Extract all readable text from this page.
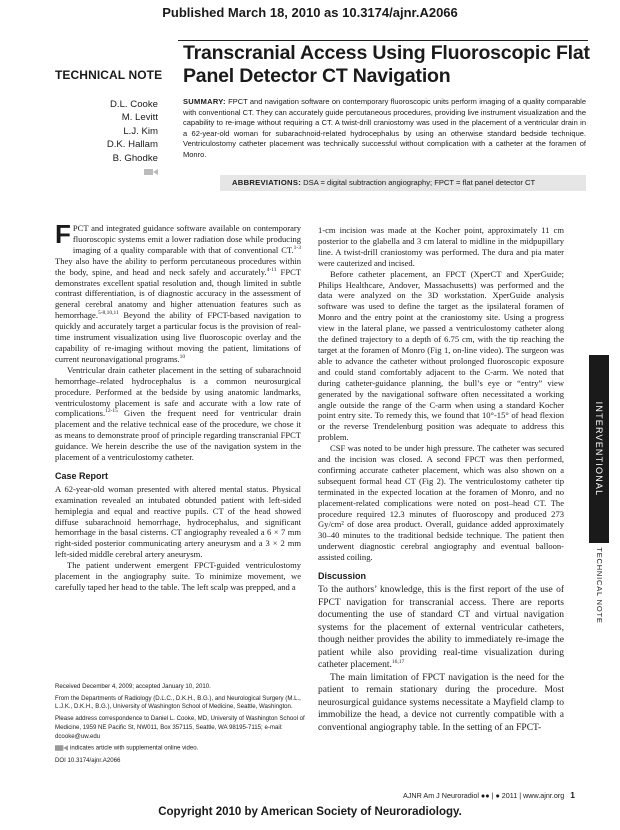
Published March 18, 2010 as 10.3174/ajnr.A2066
TECHNICAL NOTE
Transcranial Access Using Fluoroscopic Flat Panel Detector CT Navigation
D.L. Cooke
M. Levitt
L.J. Kim
D.K. Hallam
B. Ghodke
SUMMARY: FPCT and navigation software on contemporary fluoroscopic units perform imaging of a quality comparable with conventional CT. They can accurately guide percutaneous procedures, providing live instrument visualization and the capability to re-image without requiring a CT. A twist-drill craniostomy was used in the placement of a ventricular drain in a 62-year-old woman for subarachnoid-related hydrocephalus by using an otherwise standard bedside technique. Ventriculostomy catheter placement was technically successful without complication with a catheter at the foramen of Monro.
ABBREVIATIONS: DSA = digital subtraction angiography; FPCT = flat panel detector CT

FPCT and integrated guidance software available on contemporary fluoroscopic systems emit a lower radiation dose while producing imaging of a quality comparable with that of conventional CT.$^{1-3}$ They also have the ability to perform percutaneous procedures within the body, spine, and head and neck safely and accurately.$^{4-11}$ FPCT demonstrates excellent spatial resolution and, though limited in subtle contrast differentiation, is of diagnostic accuracy in the assessment of general cerebral anatomy and higher attenuation features such as hemorrhage.$^{5-8,10,11}$ Beyond the ability of FPCT-based navigation to quickly and accurately target a particular focus is the provision of real-time instrument visualization using live fluoroscopic overlay and the capability of re-imaging without moving the patient, limitations of current neuronavigational programs.$^{10}$

Ventricular drain catheter placement in the setting of subarachnoid hemorrhage–related hydrocephalus is a common neurosurgical procedure. Performed at the bedside by using anatomic landmarks, ventriculostomy placement is safe and accurate with a low rate of complications.$^{12-15}$ Given the frequent need for ventricular drain placement and the relative technical ease of the procedure, we chose it as means to demonstrate proof of principle regarding transcranial FPCT guidance. We herein describe the use of the navigation system in the placement of a ventriculostomy catheter.

Case Report

A 62-year-old woman presented with altered mental status. Physical examination revealed an intubated obtunded patient with left-sided hemiplegia and equal and reactive pupils. CT of the head showed diffuse subarachnoid hemorrhage, hydrocephalus, and significant hemorrhage in the basal cisterns. CT angiography revealed a 6 × 7 mm right-sided posterior communicating artery aneurysm and a 3 × 2 mm left-sided middle cerebral artery aneurysm.

The patient underwent emergent FPCT-guided ventriculostomy placement in the angiography suite. To minimize movement, we carefully taped her head to the table. The left scalp was prepped, and a

Received December 4, 2009; accepted January 10, 2010.
From the Departments of Radiology (D.L.C., D.K.H., B.G.), and Neurological Surgery (M.L., L.J.K., D.K.H., B.G.), University of Washington School of Medicine, Seattle, Washington.
Please address correspondence to Daniel L. Cooke, MD, University of Washington School of Medicine, 1959 NE Pacific St, NW011, Box 357115, Seattle, WA 98195-7115; e-mail: dcooke@uw.edu
indicates article with supplemental online video.
DOI 10.3174/ajnr.A2066

1-cm incision was made at the Kocher point, approximately 11 cm posterior to the glabella and 3 cm lateral to midline in the midpupillary line. A twist-drill craniostomy was performed. The dura and pia mater were cauterized and incised.

Before catheter placement, an FPCT (XperCT and XperGuide; Philips Healthcare, Andover, Massachusetts) was performed and the data were analyzed on the 3D workstation. XperGuide analysis software was used to define the target as the ipsilateral foramen of Monro and the entry point at the craniostomy site. Using a progress view in the lateral plane, we passed a ventriculostomy catheter along the defined trajectory to a depth of 6.75 cm, with the tip reaching the target at the foramen of Monro (Fig 1, on-line video). The surgeon was able to advance the catheter without prolonged fluoroscopic exposure and could stand comfortably adjacent to the C-arm. We noted that during catheter-guidance planning, the bull’s eye or “entry” view generated by the navigational software often necessitated a working angle outside the range of the C-arm when using a standard Kocher point entry site. To remedy this, we found that 10°-15° of head flexion or the reverse Trendelenburg position was adequate to address this problem.

CSF was noted to be under high pressure. The catheter was secured and the incision was closed. A second FPCT was then performed, confirming accurate catheter placement, which was also shown on a subsequent formal head CT (Fig 2). The ventriculostomy catheter tip terminated in the expected location at the foramen of Monro, and no placement-related complications were noted on post–head CT. The procedure required 12.3 minutes of fluoroscopy and produced 273 Gy/cm² of dose area product. Overall, guidance added approximately 30–40 minutes to the traditional bedside technique. The patient then underwent diagnostic cerebral angiography and eventual balloon-assisted coiling.

Discussion

To the authors’ knowledge, this is the first report of the use of FPCT navigation for transcranial access. There are reports documenting the use of standard CT and virtual navigation systems for the placement of external ventricular catheters, though neither provides the ability to immediately re-image the patient while also providing real-time visualization during catheter placement.$^{16,17}$

The main limitation of FPCT navigation is the need for the patient to remain stationary during the procedure. Most neurosurgical guidance systems necessitate a Mayfield clamp to immobilize the head, a device not currently compatible with a conventional angiography table. In the setting of an FPCT-

INTERVENTIONAL
TECHNICAL NOTE
AJNR Am J Neuroradiol ●● | ● 2011 | www.ajnr.org 1
Copyright 2010 by American Society of Neuroradiology.
